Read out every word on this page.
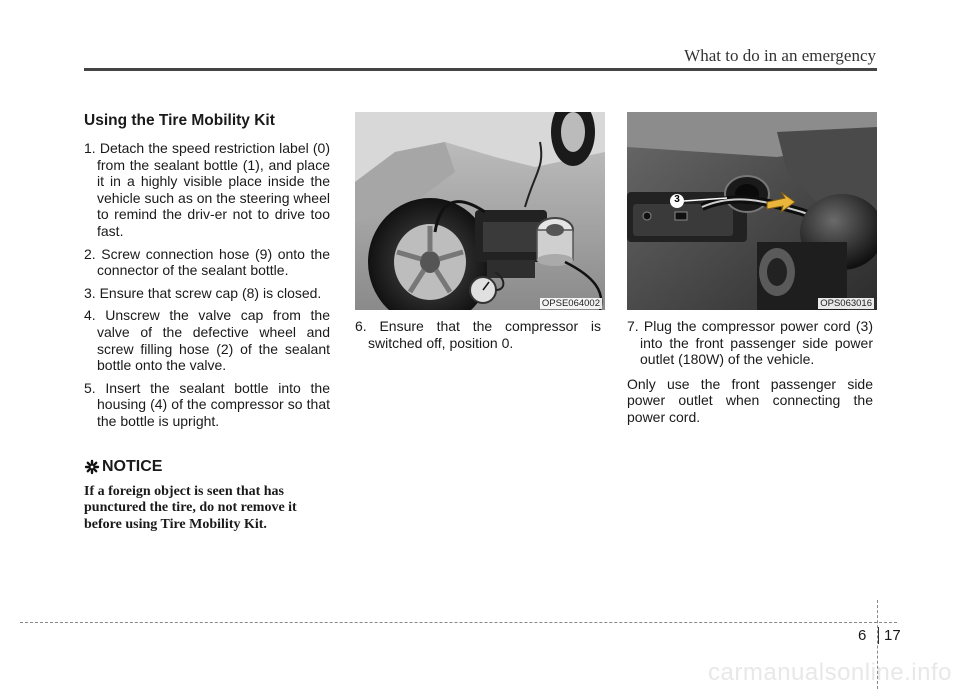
What to do in an emergency
Using the Tire Mobility Kit
1. Detach the speed restriction label (0) from the sealant bottle (1), and place it in a highly visible place inside the vehicle such as on the steering wheel to remind the driv-er not to drive too fast.
2. Screw connection hose (9) onto the connector of the sealant bottle.
3. Ensure that screw cap (8) is closed.
4. Unscrew the valve cap from the valve of the defective wheel and screw filling hose (2) of the sealant bottle onto the valve.
5. Insert the sealant bottle into the housing (4) of the compressor so that the bottle is upright.
NOTICE
If a foreign object is seen that has punctured the tire, do not remove it before using Tire Mobility Kit.
OPSE064002
6. Ensure that the compressor is switched off, position 0.
3
OPS063016
7. Plug the compressor power cord (3) into the front passenger side power outlet (180W) of the vehicle.
Only use the front passenger side power outlet when connecting the power cord.
6 17
carmanualsonline.info
